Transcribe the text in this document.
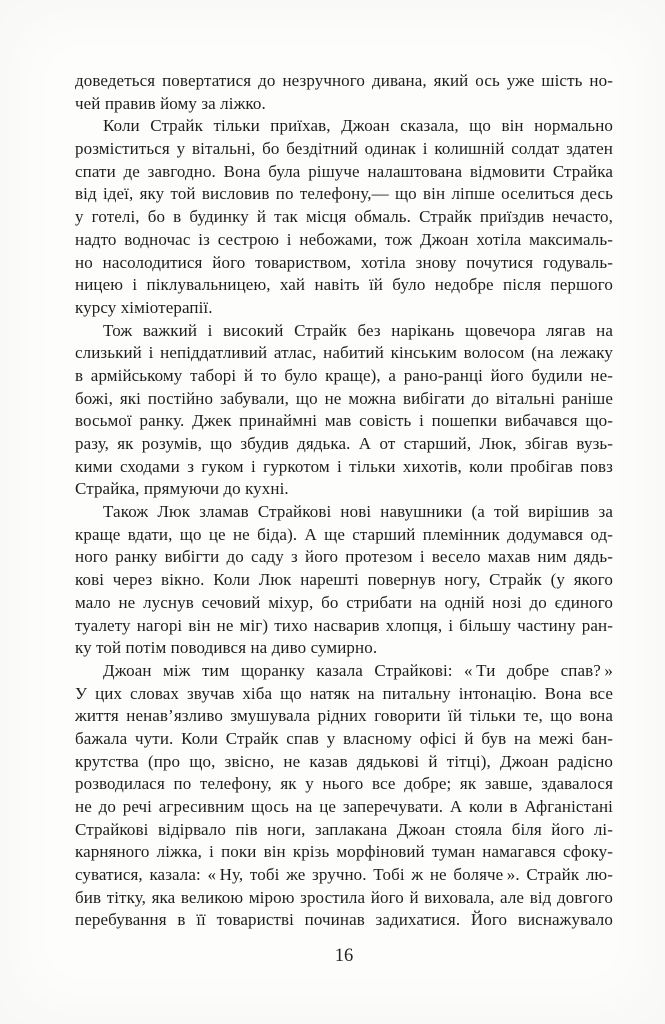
доведеться повертатися до незручного дивана, який ось уже шість но-
чей правив йому за ліжко.
Коли Страйк тільки приїхав, Джоан сказала, що він нормально
розміститься у вітальні, бо бездітний одинак і колишній солдат здатен
спати де завгодно. Вона була рішуче налаштована відмовити Страйка
від ідеї, яку той висловив по телефону,— що він ліпше оселиться десь
у готелі, бо в будинку й так місця обмаль. Страйк приїздив нечасто,
надто водночас із сестрою і небожами, тож Джоан хотіла максималь-
но насолодитися його товариством, хотіла знову почутися годуваль-
ницею і піклувальницею, хай навіть їй було недобре після першого
курсу хіміотерапії.
Тож важкий і високий Страйк без нарікань щовечора лягав на
слизький і непіддатливий атлас, набитий кінським волосом (на лежаку
в армійському таборі й то було краще), а рано-ранці його будили не-
божі, які постійно забували, що не можна вибігати до вітальні раніше
восьмої ранку. Джек принаймні мав совість і пошепки вибачався що-
разу, як розумів, що збудив дядька. А от старший, Люк, збігав вузь-
кими сходами з гуком і гуркотом і тільки хихотів, коли пробігав повз
Страйка, прямуючи до кухні.
Також Люк зламав Страйкові нові навушники (а той вирішив за
краще вдати, що це не біда). А ще старший племінник додумався од-
ного ранку вибігти до саду з його протезом і весело махав ним дядь-
кові через вікно. Коли Люк нарешті повернув ногу, Страйк (у якого
мало не луснув сечовий міхур, бо стрибати на одній нозі до єдиного
туалету нагорі він не міг) тихо насварив хлопця, і більшу частину ран-
ку той потім поводився на диво сумирно.
Джоан між тим щоранку казала Страйкові: « Ти добре спав? »
У цих словах звучав хіба що натяк на питальну інтонацію. Вона все
життя ненав’язливо змушувала рідних говорити їй тільки те, що вона
бажала чути. Коли Страйк спав у власному офісі й був на межі бан-
крутства (про що, звісно, не казав дядькові й тітці), Джоан радісно
розводилася по телефону, як у нього все добре; як завше, здавалося
не до речі агресивним щось на це заперечувати. А коли в Афганістані
Страйкові відірвало пів ноги, заплакана Джоан стояла біля його лі-
карняного ліжка, і поки він крізь морфіновий туман намагався сфоку-
суватися, казала: « Ну, тобі же зручно. Тобі ж не боляче ». Страйк лю-
бив тітку, яка великою мірою зростила його й виховала, але від довгого
перебування в її товаристві починав задихатися. Його виснажувало
16
